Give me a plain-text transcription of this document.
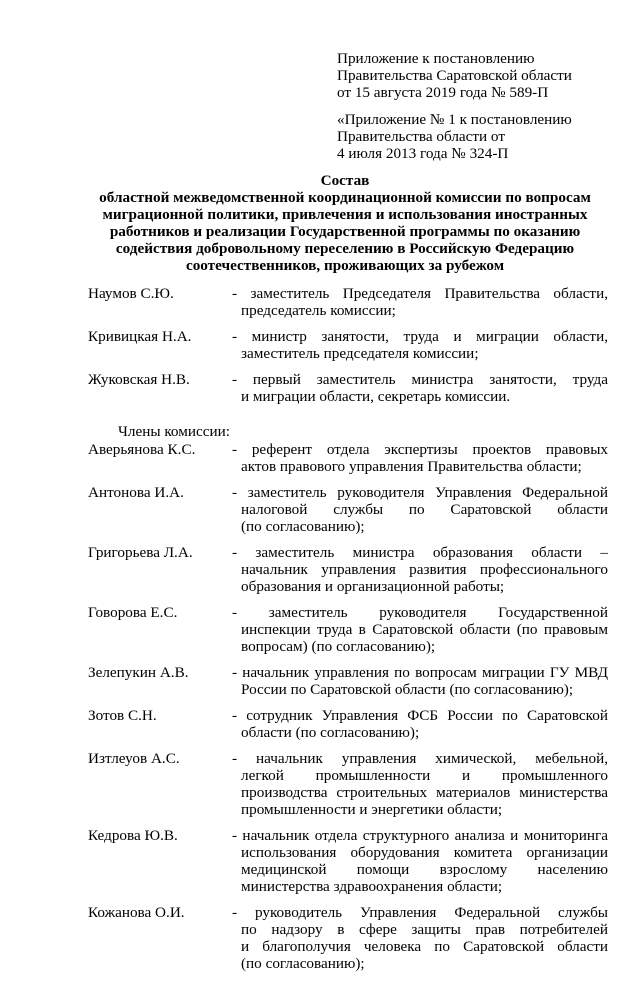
Приложение к постановлению
Правительства Саратовской области
от 15 августа 2019 года № 589-П
«Приложение № 1 к постановлению
Правительства области от
4 июля 2013 года № 324-П
Состав
областной межведомственной координационной комиссии по вопросам
миграционной политики, привлечения и использования иностранных
работников и реализации Государственной программы по оказанию
содействия добровольному переселению в Российскую Федерацию
соотечественников, проживающих за рубежом
Наумов С.Ю.	- заместитель Председателя Правительства области,
председатель комиссии;
Кривицкая Н.А.	- министр занятости, труда и миграции области,
заместитель председателя комиссии;
Жуковская Н.В.	- первый заместитель министра занятости, труда
и миграции области, секретарь комиссии.
Члены комиссии:
Аверьянова К.С. - референт отдела экспертизы проектов правовых
актов правового управления Правительства области;
Антонова И.А.	- заместитель руководителя Управления Федеральной
налоговой службы по Саратовской области
(по согласованию);
Григорьева Л.А.	- заместитель министра образования области –
начальник управления развития профессионального
образования и организационной работы;
Говорова Е.С.	- заместитель руководителя Государственной
инспекции труда в Саратовской области (по правовым
вопросам) (по согласованию);
Зелепукин А.В.	- начальник управления по вопросам миграции ГУ МВД
России по Саратовской области (по согласованию);
Зотов С.Н.	- сотрудник Управления ФСБ России по Саратовской
области (по согласованию);
Изтлеуов А.С.	- начальник управления химической, мебельной,
легкой промышленности и промышленного
производства строительных материалов министерства
промышленности и энергетики области;
Кедрова Ю.В.	- начальник отдела структурного анализа и мониторинга
использования оборудования комитета организации
медицинской помощи взрослому населению
министерства здравоохранения области;
Кожанова О.И.	- руководитель Управления Федеральной службы
по надзору в сфере защиты прав потребителей
и благополучия человека по Саратовской области
(по согласованию);
